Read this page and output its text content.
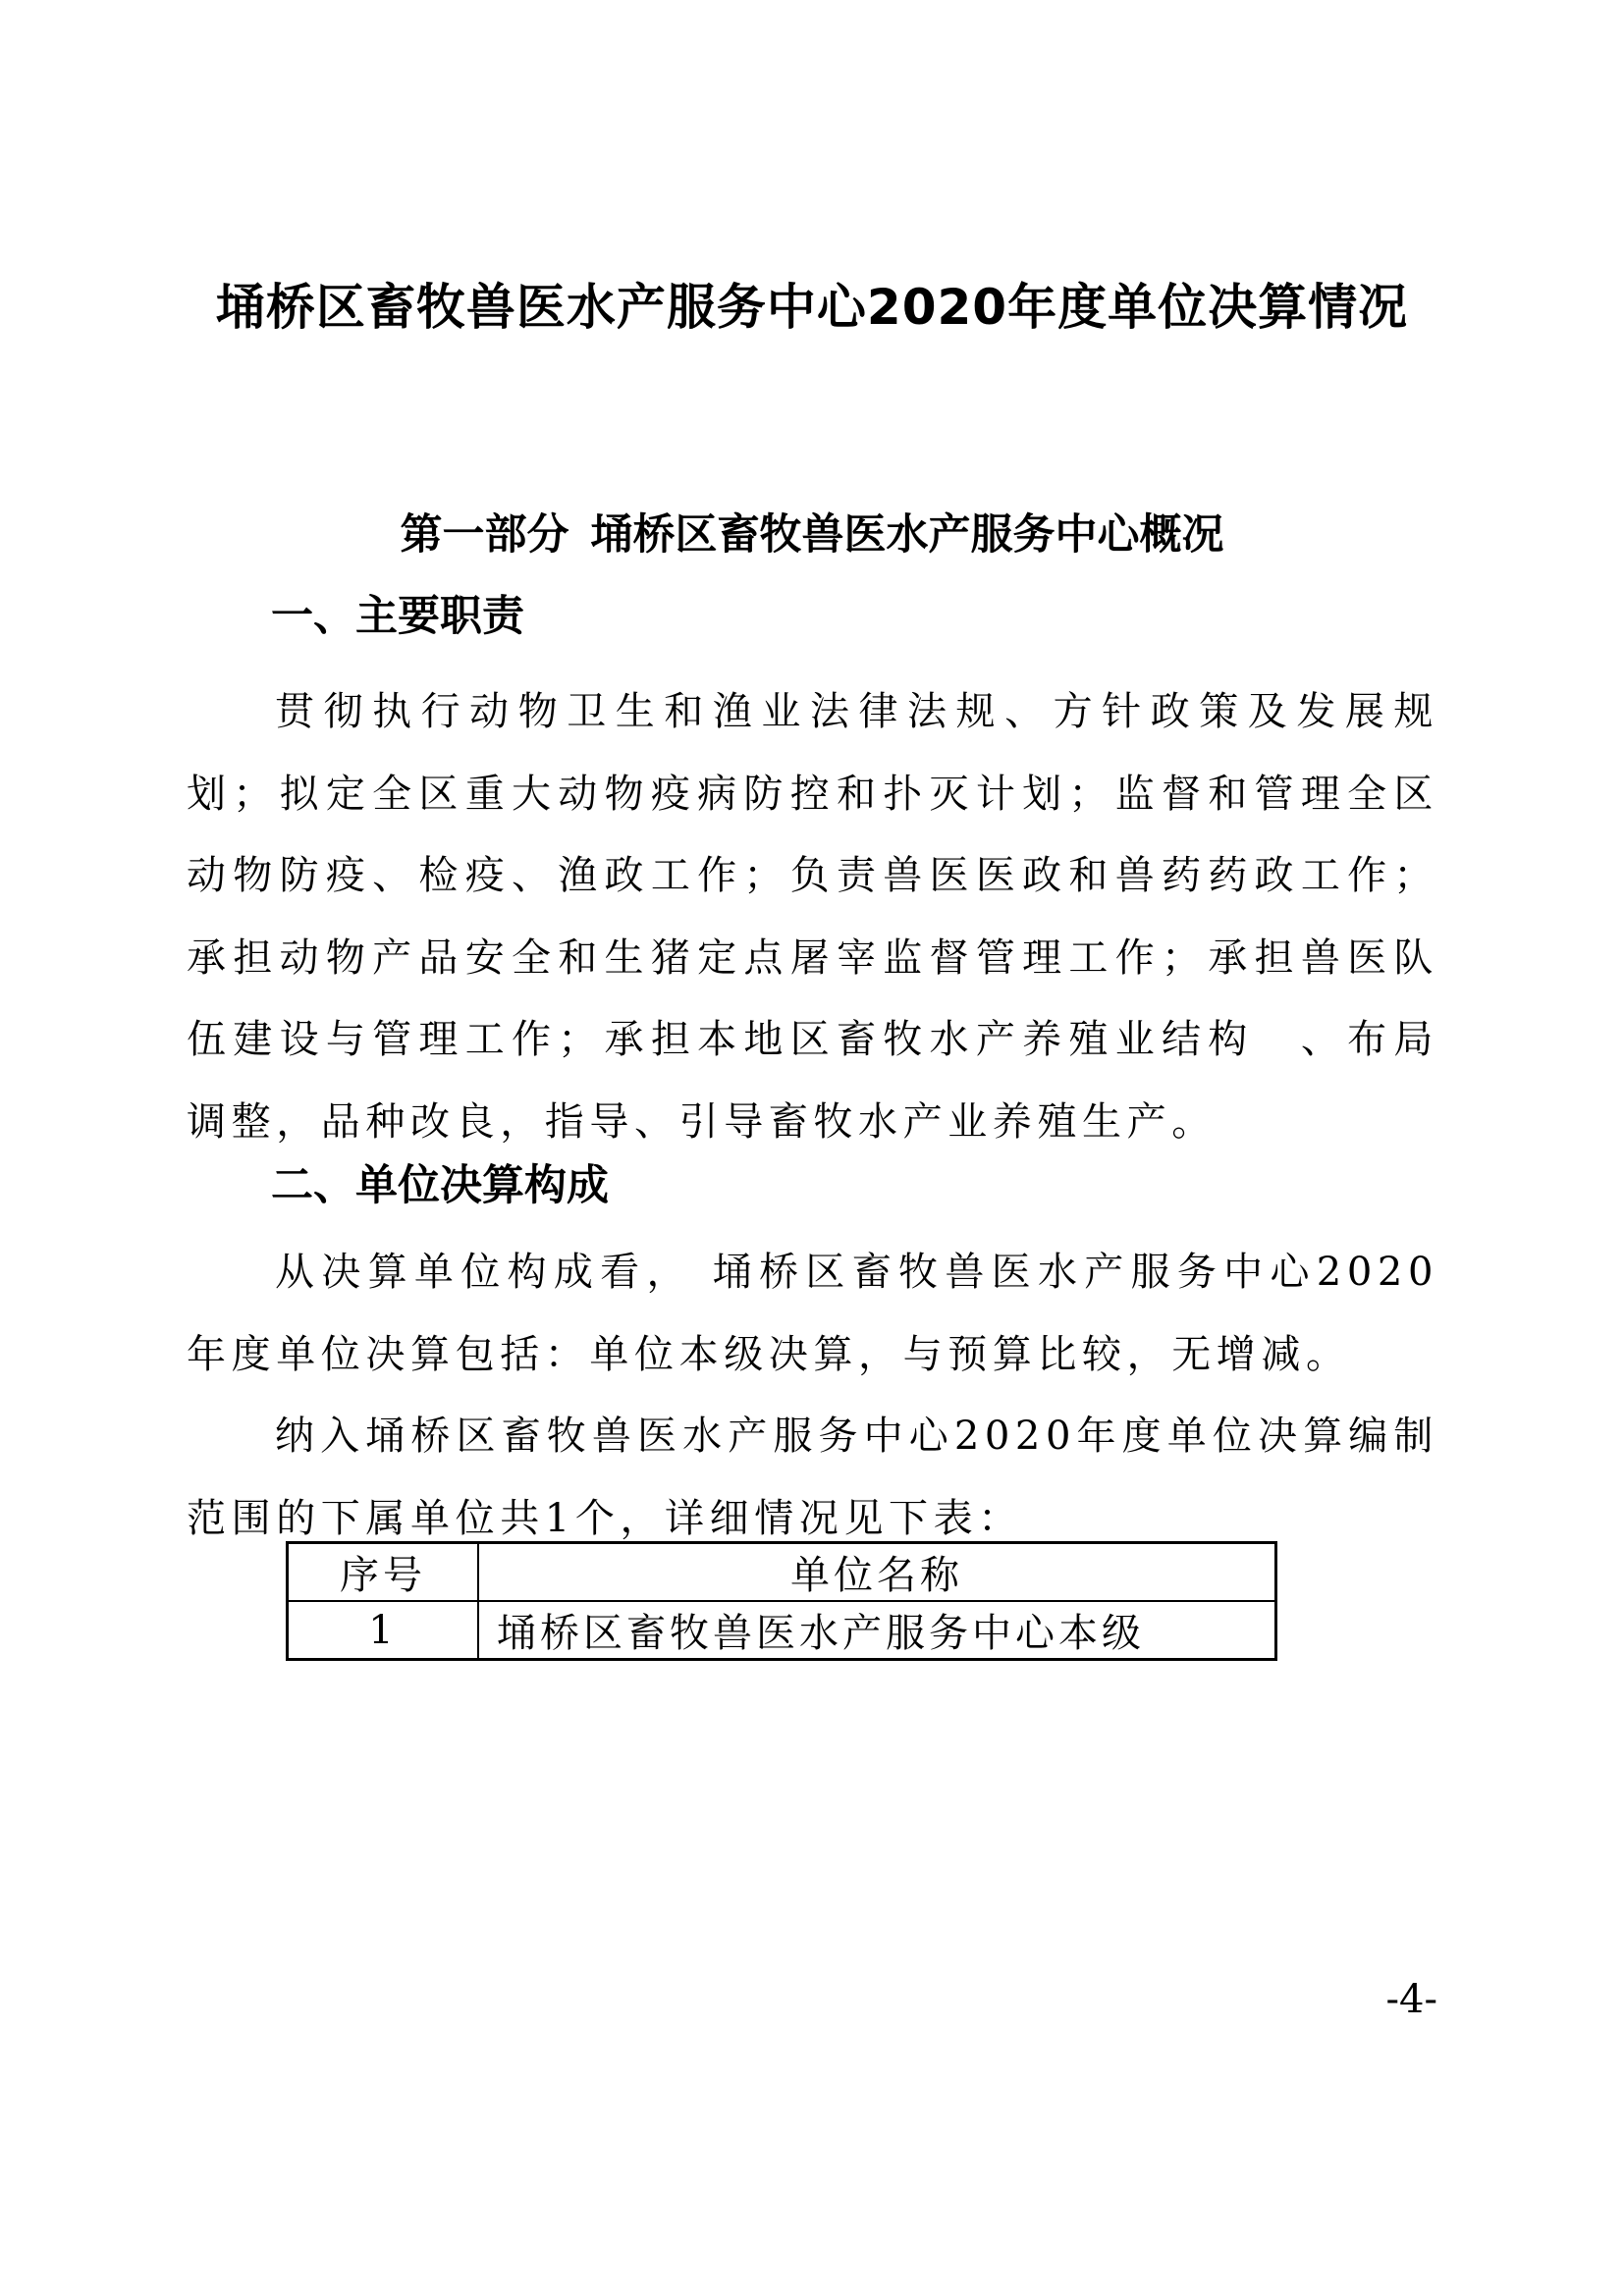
埇桥区畜牧兽医水产服务中心2020年度单位决算情况
第一部分 埇桥区畜牧兽医水产服务中心概况
一、主要职责

贯彻执行动物卫生和渔业法律法规、方针政策及发展规划；拟定全区重大动物疫病防控和扑灭计划；监督和管理全区动物防疫、检疫、渔政工作；负责兽医医政和兽药药政工作；承担动物产品安全和生猪定点屠宰监督管理工作；承担兽医队伍建设与管理工作；承担本地区畜牧水产养殖业结构　、布局调整，品种改良，指导、引导畜牧水产业养殖生产。

二、单位决算构成

从决算单位构成看， 埇桥区畜牧兽医水产服务中心2020年度单位决算包括：单位本级决算，与预算比较，无增减。

纳入埇桥区畜牧兽医水产服务中心2020年度单位决算编制范围的下属单位共1个，详细情况见下表：

序号	单位名称
1	埇桥区畜牧兽医水产服务中心本级

-4-
